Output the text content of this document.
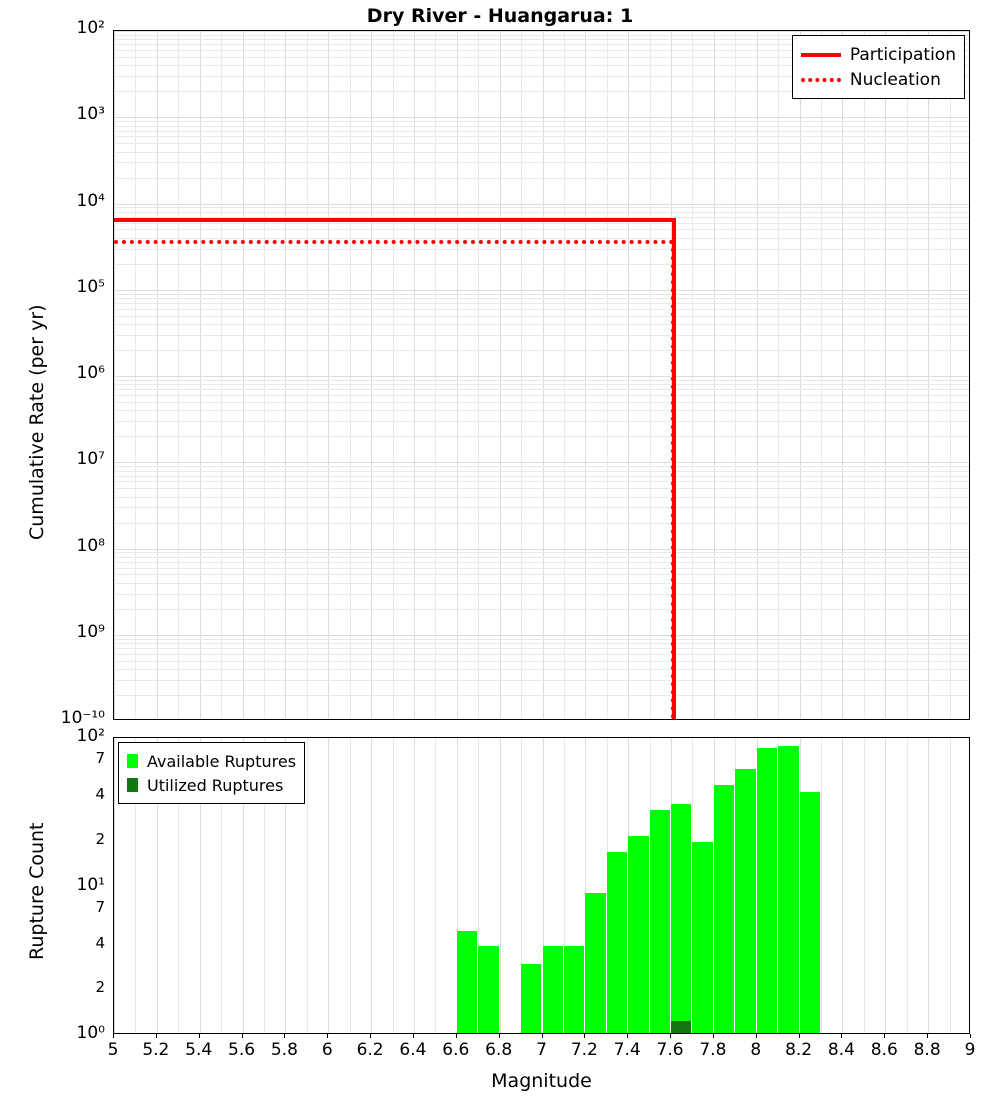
Dry River - Huangarua: 1
Participation
Nucleation
Available Ruptures
Utilized Ruptures
Cumulative Rate (per yr)
Rupture Count
Magnitude
10²
10³
10⁴
10⁵
10⁶
10⁷
10⁸
10⁹
10⁻¹⁰
10⁰
2
4
7
10¹
2
4
7
10²
5	5.2 5.4 5.6 5.8	6	6.2 6.4 6.6 6.8	7	7.2 7.4 7.6 7.8	8	8.2 8.4 8.6 8.8	9
